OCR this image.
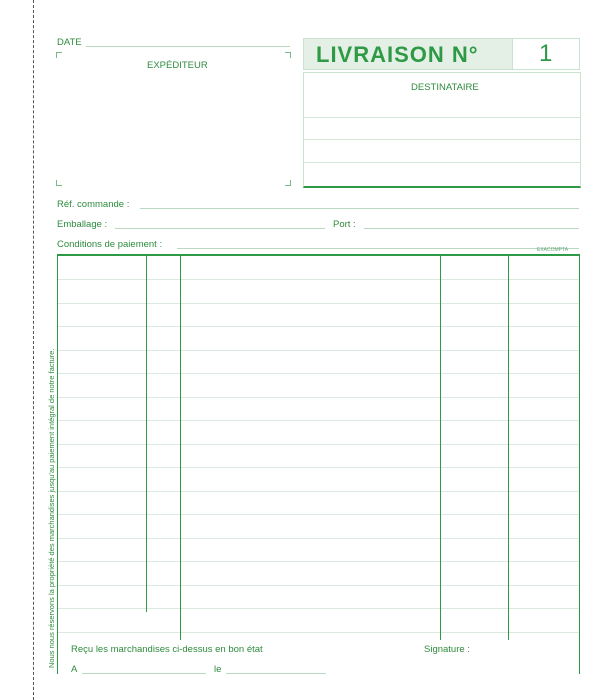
DATE
EXPÉDITEUR	LIVRAISON N°	1
DESTINATAIRE
Réf. commande :
Emballage :	Port :
Conditions de paiement :	EXACOMPTA
Reçu les marchandises ci-dessus en bon état	Signature :
A	le
Nous nous réservons la propriété des marchandises jusqu'au paiement intégral de notre facture.
